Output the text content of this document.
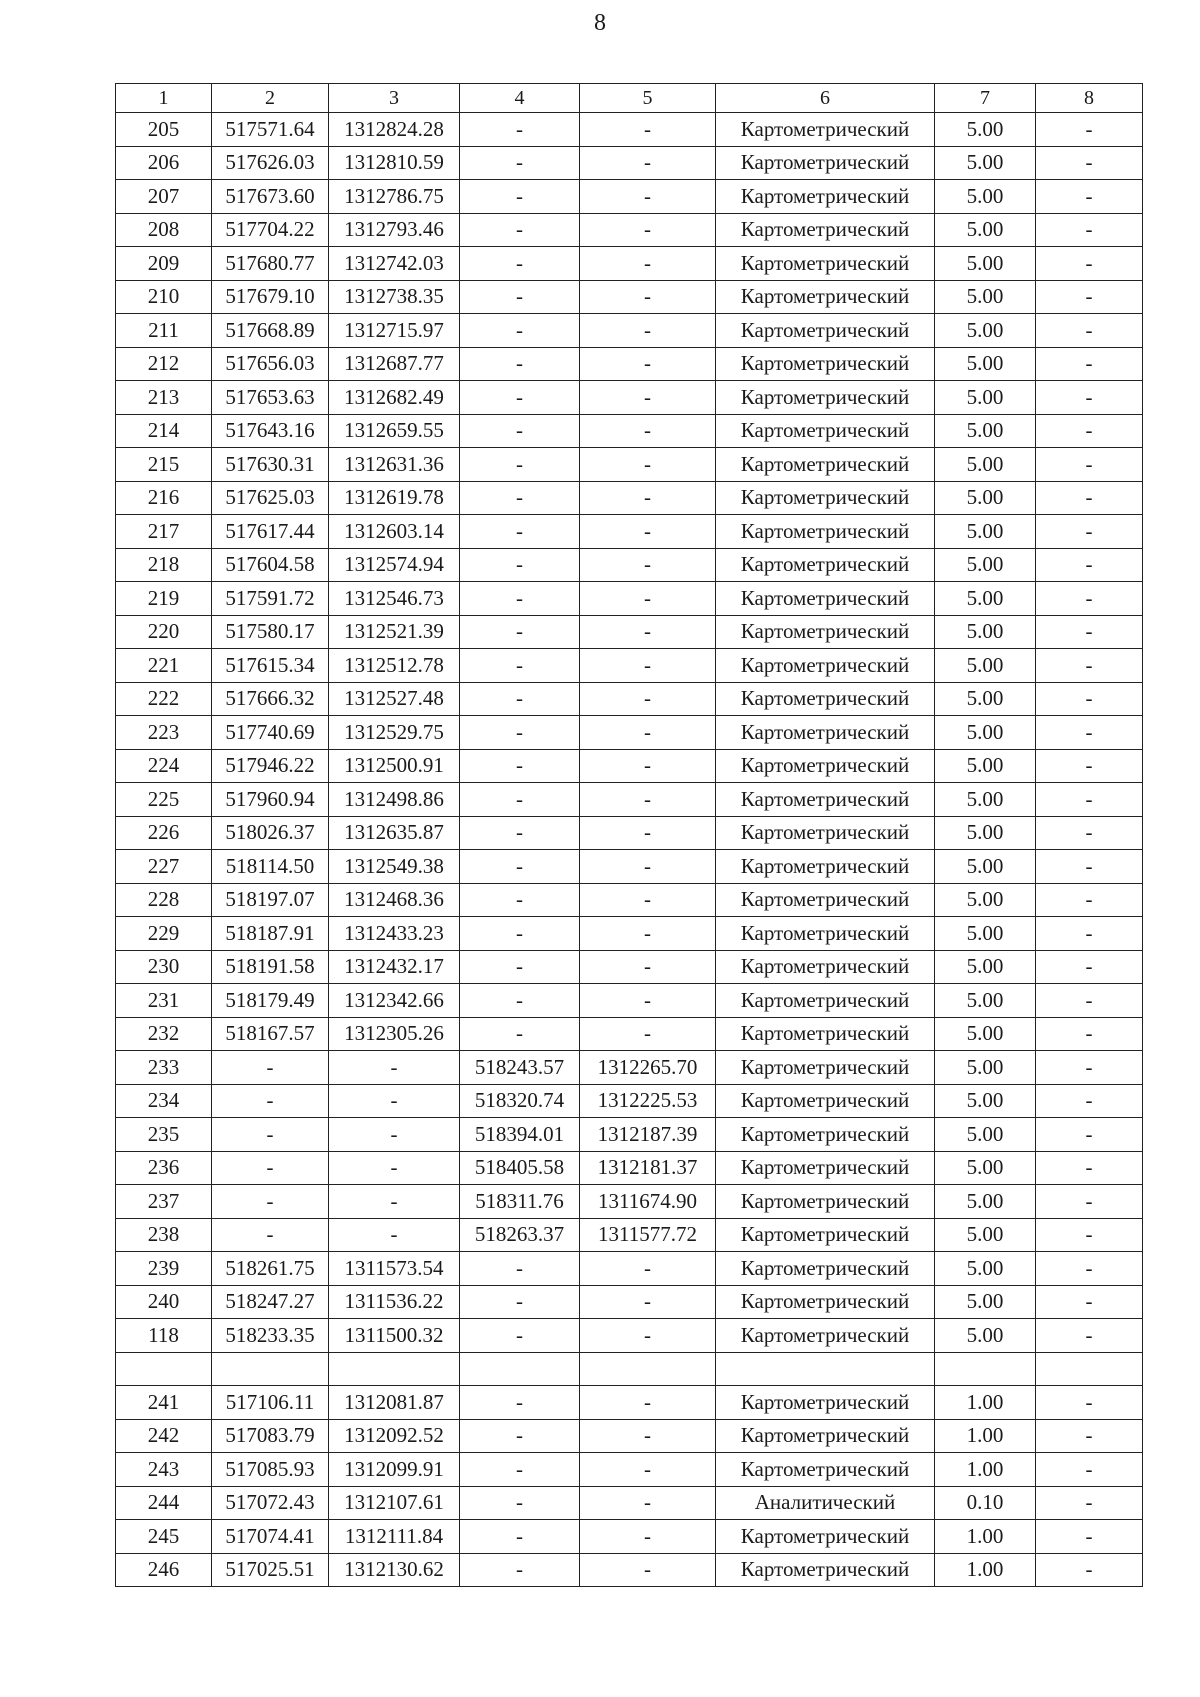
8
1	2	3	4	5	6	7	8
205	517571.64	1312824.28	-	-	Картометрический	5.00	-
206	517626.03	1312810.59	-	-	Картометрический	5.00	-
207	517673.60	1312786.75	-	-	Картометрический	5.00	-
208	517704.22	1312793.46	-	-	Картометрический	5.00	-
209	517680.77	1312742.03	-	-	Картометрический	5.00	-
210	517679.10	1312738.35	-	-	Картометрический	5.00	-
211	517668.89	1312715.97	-	-	Картометрический	5.00	-
212	517656.03	1312687.77	-	-	Картометрический	5.00	-
213	517653.63	1312682.49	-	-	Картометрический	5.00	-
214	517643.16	1312659.55	-	-	Картометрический	5.00	-
215	517630.31	1312631.36	-	-	Картометрический	5.00	-
216	517625.03	1312619.78	-	-	Картометрический	5.00	-
217	517617.44	1312603.14	-	-	Картометрический	5.00	-
218	517604.58	1312574.94	-	-	Картометрический	5.00	-
219	517591.72	1312546.73	-	-	Картометрический	5.00	-
220	517580.17	1312521.39	-	-	Картометрический	5.00	-
221	517615.34	1312512.78	-	-	Картометрический	5.00	-
222	517666.32	1312527.48	-	-	Картометрический	5.00	-
223	517740.69	1312529.75	-	-	Картометрический	5.00	-
224	517946.22	1312500.91	-	-	Картометрический	5.00	-
225	517960.94	1312498.86	-	-	Картометрический	5.00	-
226	518026.37	1312635.87	-	-	Картометрический	5.00	-
227	518114.50	1312549.38	-	-	Картометрический	5.00	-
228	518197.07	1312468.36	-	-	Картометрический	5.00	-
229	518187.91	1312433.23	-	-	Картометрический	5.00	-
230	518191.58	1312432.17	-	-	Картометрический	5.00	-
231	518179.49	1312342.66	-	-	Картометрический	5.00	-
232	518167.57	1312305.26	-	-	Картометрический	5.00	-
233	-	-	518243.57	1312265.70	Картометрический	5.00	-
234	-	-	518320.74	1312225.53	Картометрический	5.00	-
235	-	-	518394.01	1312187.39	Картометрический	5.00	-
236	-	-	518405.58	1312181.37	Картометрический	5.00	-
237	-	-	518311.76	1311674.90	Картометрический	5.00	-
238	-	-	518263.37	1311577.72	Картометрический	5.00	-
239	518261.75	1311573.54	-	-	Картометрический	5.00	-
240	518247.27	1311536.22	-	-	Картометрический	5.00	-
118	518233.35	1311500.32	-	-	Картометрический	5.00	-

241	517106.11	1312081.87	-	-	Картометрический	1.00	-
242	517083.79	1312092.52	-	-	Картометрический	1.00	-
243	517085.93	1312099.91	-	-	Картометрический	1.00	-
244	517072.43	1312107.61	-	-	Аналитический	0.10	-
245	517074.41	1312111.84	-	-	Картометрический	1.00	-
246	517025.51	1312130.62	-	-	Картометрический	1.00	-
